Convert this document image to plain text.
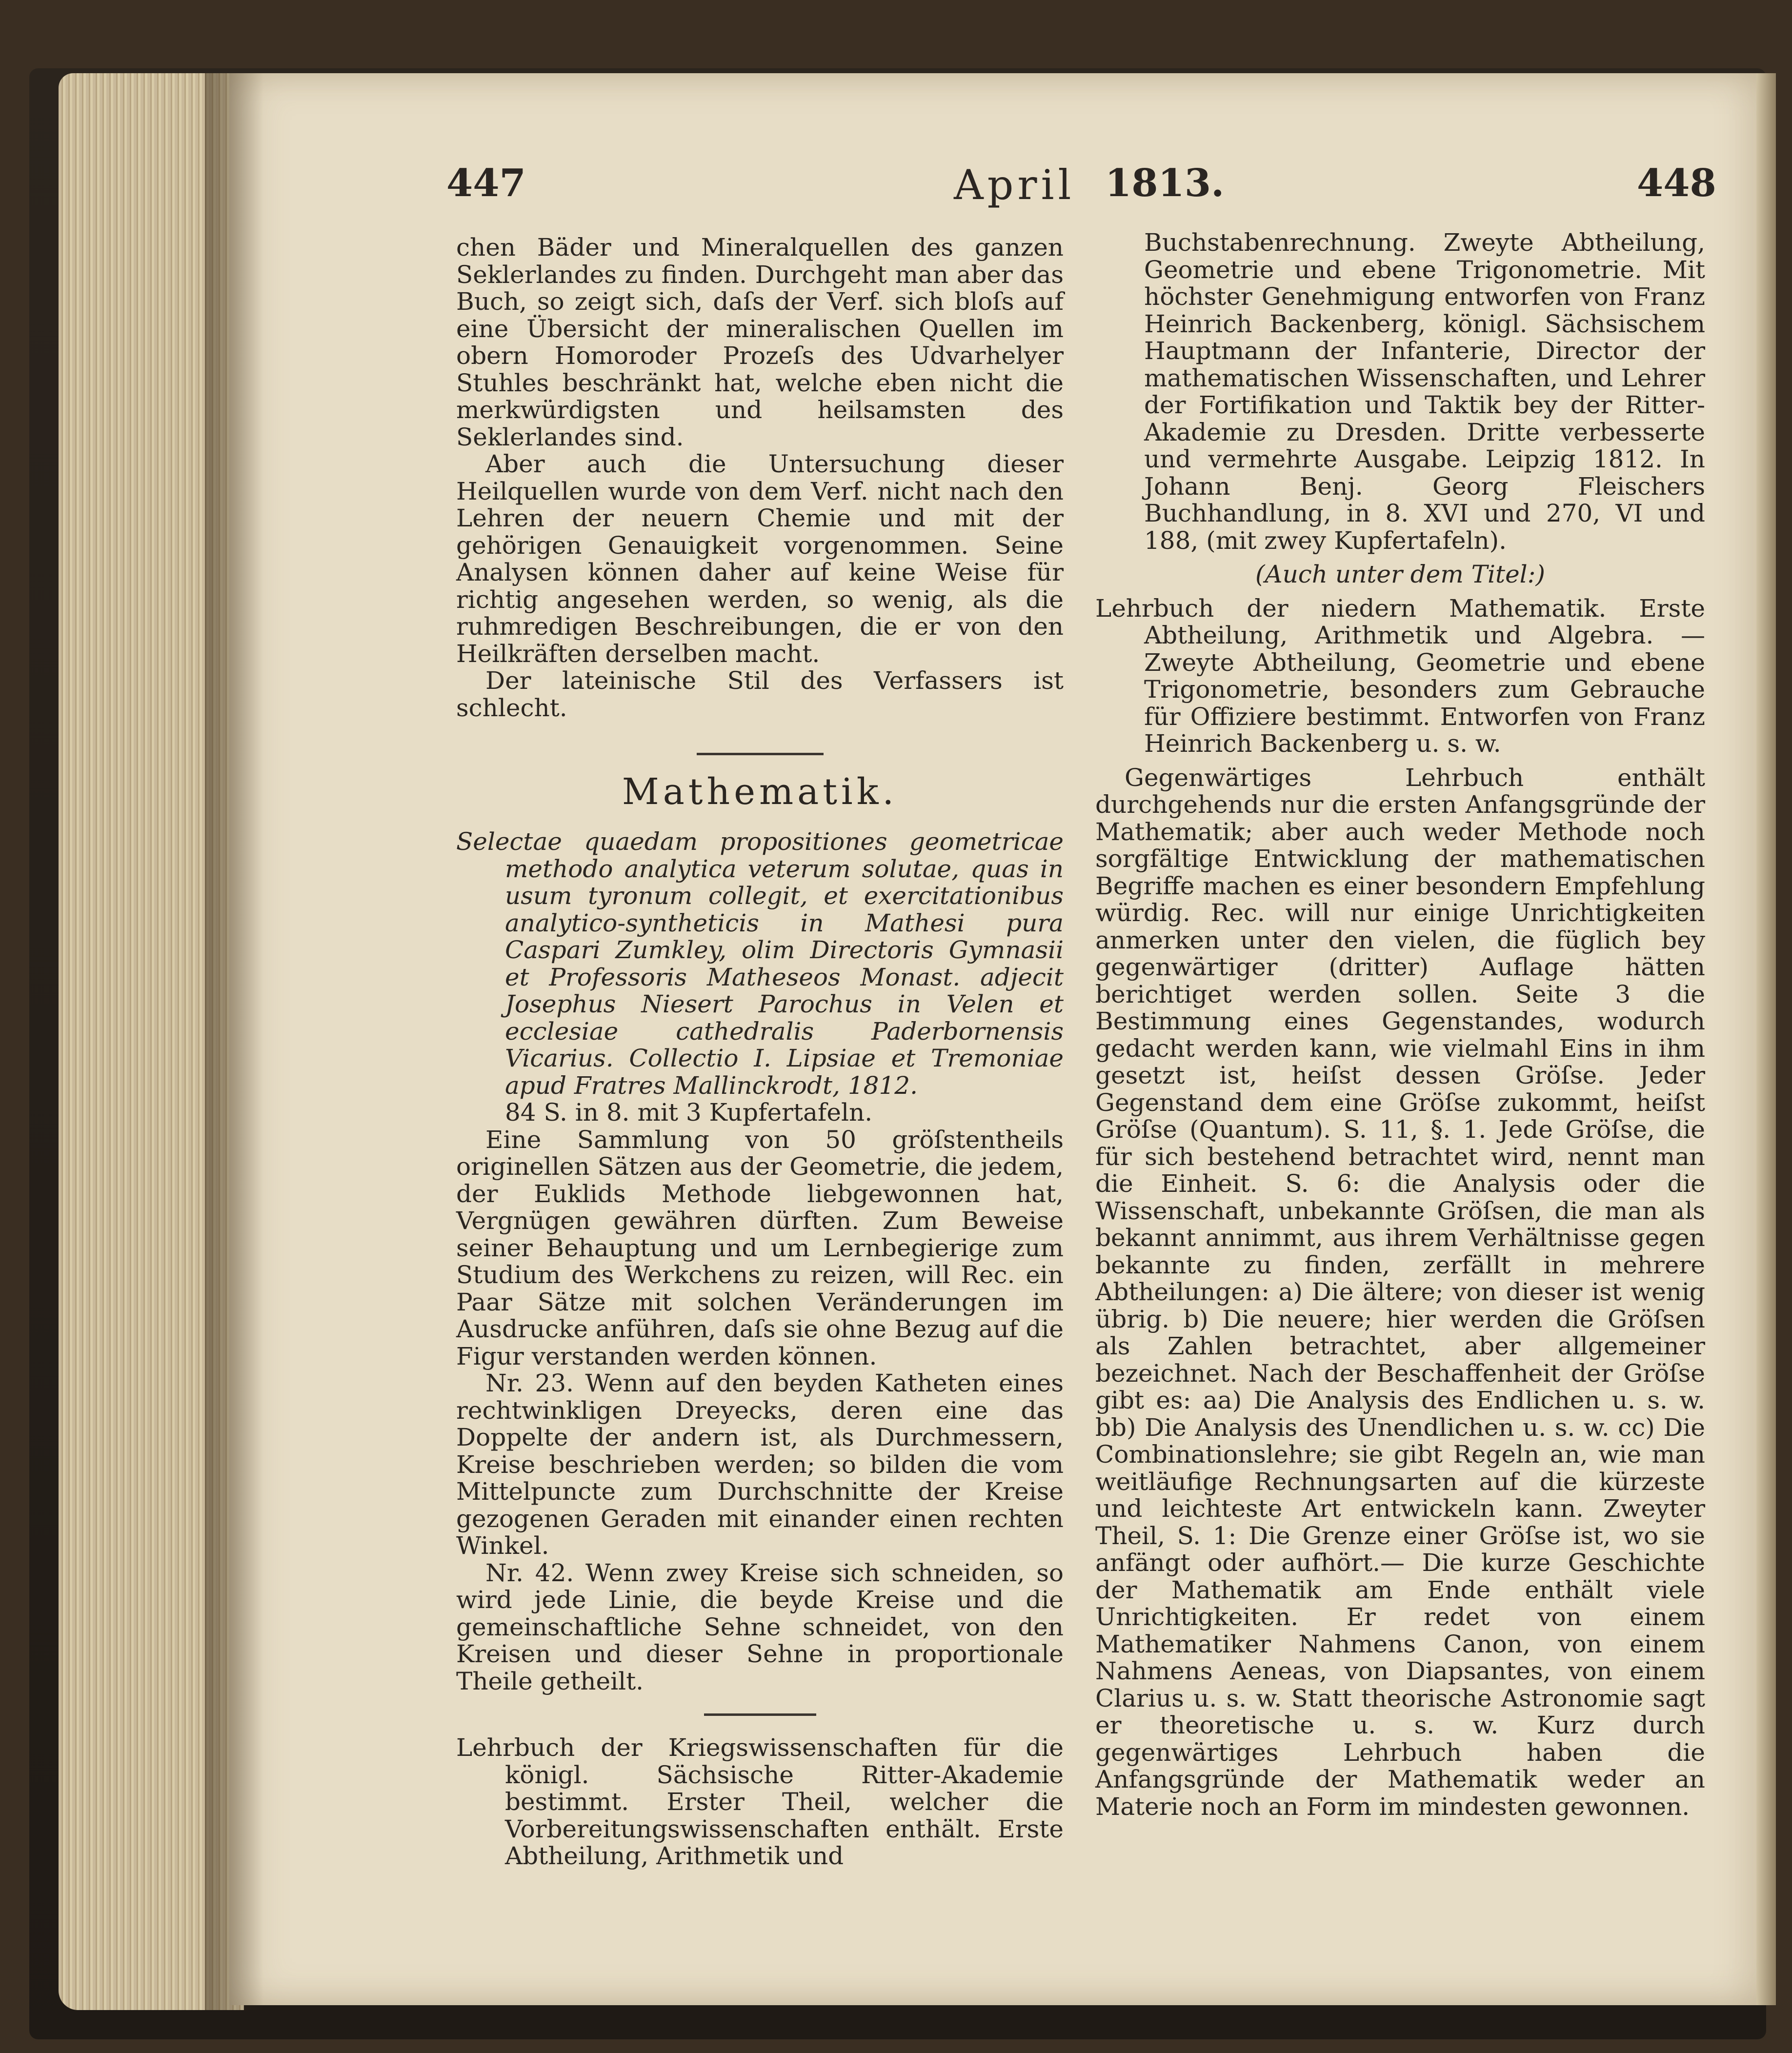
447	April 1813.	448

chen Bäder und Mineralquellen des ganzen Seklerlandes zu finden. Durchgeht man aber das Buch, so zeigt sich, daſs der Verf. sich bloſs auf eine Übersicht der mineralischen Quellen im obern Homoroder Prozeſs des Udvarhelyer Stuhles beschränkt hat, welche eben nicht die merkwürdigsten und heilsamsten des Seklerlandes sind.

Aber auch die Untersuchung dieser Heilquellen wurde von dem Verf. nicht nach den Lehren der neuern Chemie und mit der gehörigen Genauigkeit vorgenommen. Seine Analysen können daher auf keine Weise für richtig angesehen werden, so wenig, als die ruhmredigen Beschreibungen, die er von den Heilkräften derselben macht.

Der lateinische Stil des Verfassers ist schlecht.

Mathematik.

Selectae quaedam propositiones geometricae methodo analytica veterum solutae, quas in usum tyronum collegit, et exercitationibus analytico-syntheticis in Mathesi pura Caspari Zumkley, olim Directoris Gymnasii et Professoris Matheseos Monast. adjecit Josephus Niesert Parochus in Velen et ecclesiae cathedralis Paderbornensis Vicarius. Collectio I. Lipsiae et Tremoniae apud Fratres Mallinckrodt, 1812.

84 S. in 8. mit 3 Kupfertafeln.

Eine Sammlung von 50 gröſstentheils originellen Sätzen aus der Geometrie, die jedem, der Euklids Methode liebgewonnen hat, Vergnügen gewähren dürften. Zum Beweise seiner Behauptung und um Lernbegierige zum Studium des Werkchens zu reizen, will Rec. ein Paar Sätze mit solchen Veränderungen im Ausdrucke anführen, daſs sie ohne Bezug auf die Figur verstanden werden können.

Nr. 23. Wenn auf den beyden Katheten eines rechtwinkligen Dreyecks, deren eine das Doppelte der andern ist, als Durchmessern, Kreise beschrieben werden; so bilden die vom Mittelpuncte zum Durchschnitte der Kreise gezogenen Geraden mit einander einen rechten Winkel.

Nr. 42. Wenn zwey Kreise sich schneiden, so wird jede Linie, die beyde Kreise und die gemeinschaftliche Sehne schneidet, von den Kreisen und dieser Sehne in proportionale Theile getheilt.

Lehrbuch der Kriegswissenschaften für die königl. Sächsische Ritter-Akademie bestimmt. Erster Theil, welcher die Vorbereitungswissenschaften enthält. Erste Abtheilung, Arithmetik und

Buchstabenrechnung. Zweyte Abtheilung, Geometrie und ebene Trigonometrie. Mit höchster Genehmigung entworfen von Franz Heinrich Backenberg, königl. Sächsischem Hauptmann der Infanterie, Director der mathematischen Wissenschaften, und Lehrer der Fortifikation und Taktik bey der Ritter-Akademie zu Dresden. Dritte verbesserte und vermehrte Ausgabe. Leipzig 1812. In Johann Benj. Georg Fleischers Buchhandlung, in 8. XVI und 270, VI und 188, (mit zwey Kupfertafeln).

(Auch unter dem Titel:)

Lehrbuch der niedern Mathematik. Erste Abtheilung, Arithmetik und Algebra. — Zweyte Abtheilung, Geometrie und ebene Trigonometrie, besonders zum Gebrauche für Offiziere bestimmt. Entworfen von Franz Heinrich Backenberg u. s. w.

Gegenwärtiges Lehrbuch enthält durchgehends nur die ersten Anfangsgründe der Mathematik; aber auch weder Methode noch sorgfältige Entwicklung der mathematischen Begriffe machen es einer besondern Empfehlung würdig. Rec. will nur einige Unrichtigkeiten anmerken unter den vielen, die füglich bey gegenwärtiger (dritter) Auflage hätten berichtiget werden sollen. Seite 3 die Bestimmung eines Gegenstandes, wodurch gedacht werden kann, wie vielmahl Eins in ihm gesetzt ist, heiſst dessen Gröſse. Jeder Gegenstand dem eine Gröſse zukommt, heiſst Gröſse (Quantum). S. 11, §. 1. Jede Gröſse, die für sich bestehend betrachtet wird, nennt man die Einheit. S. 6: die Analysis oder die Wissenschaft, unbekannte Gröſsen, die man als bekannt annimmt, aus ihrem Verhältnisse gegen bekannte zu finden, zerfällt in mehrere Abtheilungen: a) Die ältere; von dieser ist wenig übrig. b) Die neuere; hier werden die Gröſsen als Zahlen betrachtet, aber allgemeiner bezeichnet. Nach der Beschaffenheit der Gröſse gibt es: aa) Die Analysis des Endlichen u. s. w. bb) Die Analysis des Unendlichen u. s. w. cc) Die Combinationslehre; sie gibt Regeln an, wie man weitläufige Rechnungsarten auf die kürzeste und leichteste Art entwickeln kann. Zweyter Theil, S. 1: Die Grenze einer Gröſse ist, wo sie anfängt oder aufhört.— Die kurze Geschichte der Mathematik am Ende enthält viele Unrichtigkeiten. Er redet von einem Mathematiker Nahmens Canon, von einem Nahmens Aeneas, von Diapsantes, von einem Clarius u. s. w. Statt theorische Astronomie sagt er theoretische u. s. w. Kurz durch gegenwärtiges Lehrbuch haben die Anfangsgründe der Mathematik weder an Materie noch an Form im mindesten gewonnen.
